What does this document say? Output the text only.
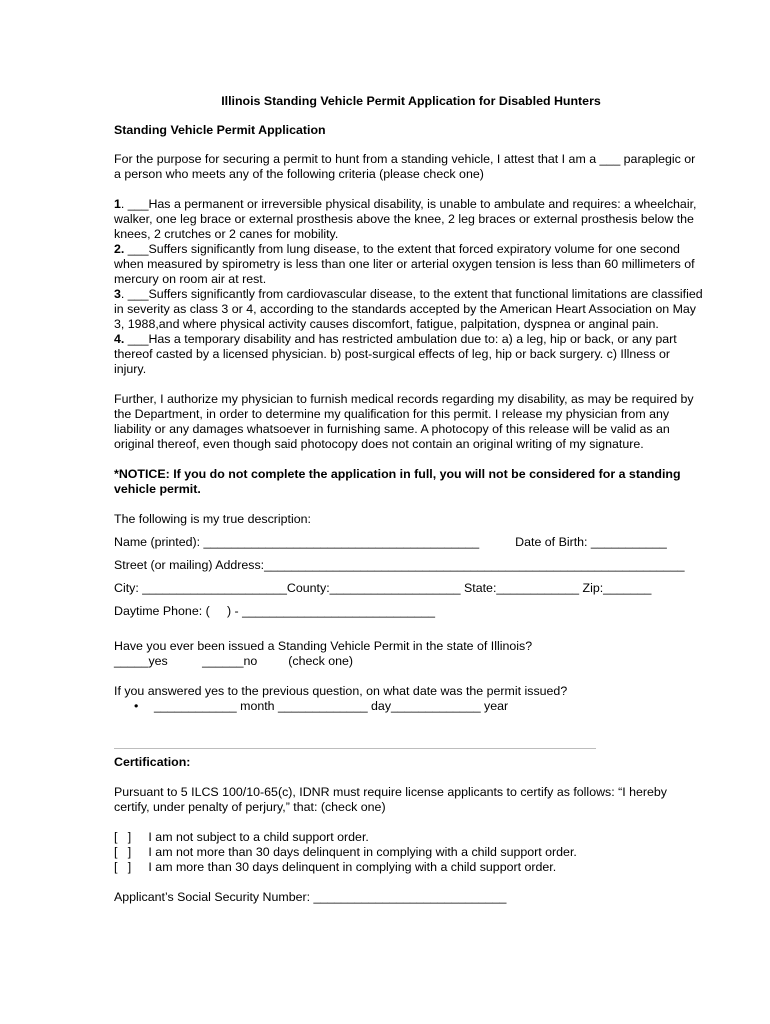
Illinois Standing Vehicle Permit Application for Disabled Hunters
Standing Vehicle Permit Application

For the purpose for securing a permit to hunt from a standing vehicle, I attest that I am a ___ paraplegic or a person who meets any of the following criteria (please check one)

1. ___Has a permanent or irreversible physical disability, is unable to ambulate and requires: a wheelchair, walker, one leg brace or external prosthesis above the knee, 2 leg braces or external prosthesis below the knees, 2 crutches or 2 canes for mobility.

2. ___Suffers significantly from lung disease, to the extent that forced expiratory volume for one second when measured by spirometry is less than one liter or arterial oxygen tension is less than 60 millimeters of mercury on room air at rest.

3. ___Suffers significantly from cardiovascular disease, to the extent that functional limitations are classified in severity as class 3 or 4, according to the standards accepted by the American Heart Association on May 3, 1988,and where physical activity causes discomfort, fatigue, palpitation, dyspnea or anginal pain.

4. ___Has a temporary disability and has restricted ambulation due to: a) a leg, hip or back, or any part thereof casted by a licensed physician. b) post-surgical effects of leg, hip or back surgery. c) Illness or injury.

Further, I authorize my physician to furnish medical records regarding my disability, as may be required by the Department, in order to determine my qualification for this permit. I release my physician from any liability or any damages whatsoever in furnishing same. A photocopy of this release will be valid as an original thereof, even though said photocopy does not contain an original writing of my signature.

*NOTICE: If you do not complete the application in full, you will not be considered for a standing vehicle permit.

The following is my true description:
Name (printed): ________________________________________	Date of Birth: ___________
Street (or mailing) Address:_____________________________________________________________
City: _____________________County:___________________ State:____________ Zip:_______
Daytime Phone: (     ) - ____________________________

Have you ever been issued a Standing Vehicle Permit in the state of Illinois?

_____yes          ______no         (check one)

If you answered yes to the previous question, on what date was the permit issued?

• ____________ month _____________ day_____________ year

Certification:

Pursuant to 5 ILCS 100/10-65(c), IDNR must require license applicants to certify as follows: “I hereby certify, under penalty of perjury,” that: (check one)

[   ]     I am not subject to a child support order.

[   ]     I am not more than 30 days delinquent in complying with a child support order.

[   ]     I am more than 30 days delinquent in complying with a child support order.

Applicant’s Social Security Number: ____________________________
